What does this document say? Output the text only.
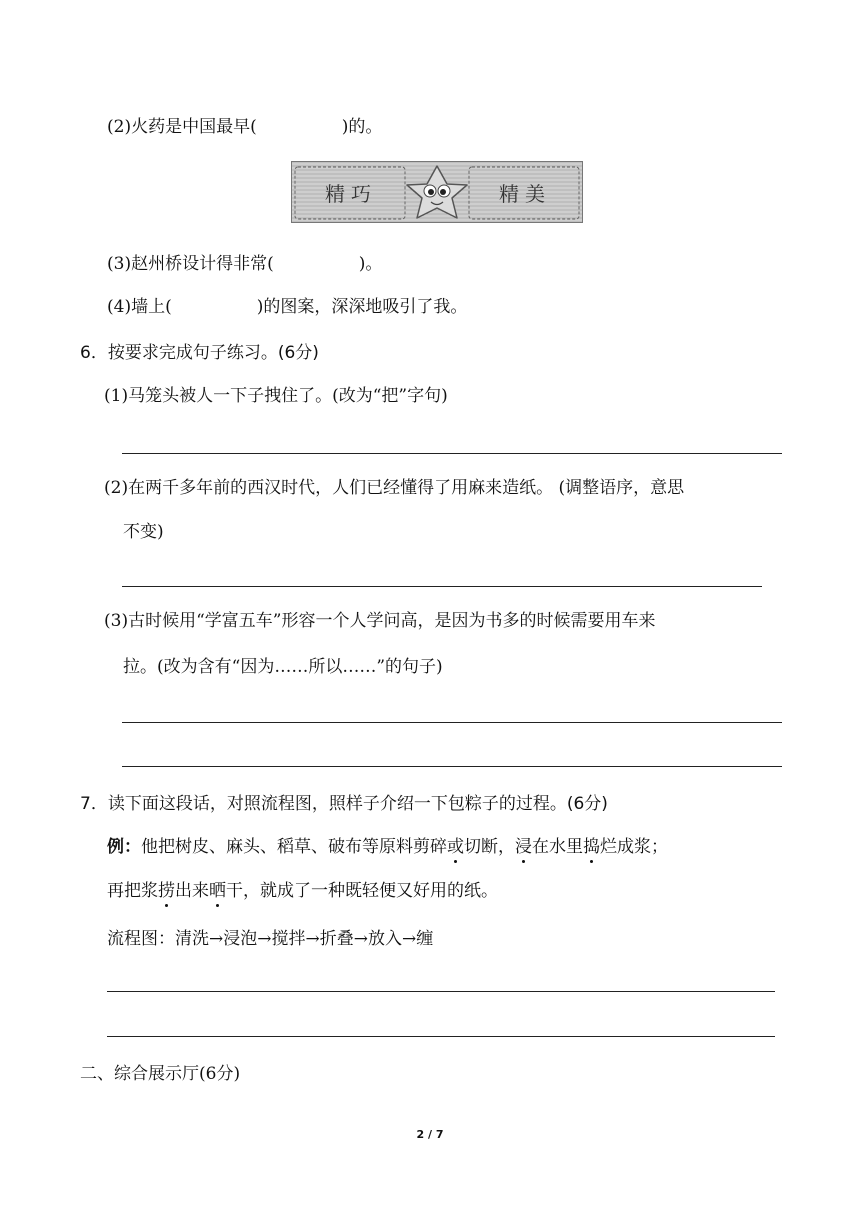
(2)火药是中国最早(　　　　　)的。
精巧	精美
(3)赵州桥设计得非常(　　　　　)。
(4)墙上(　　　　　)的图案，深深地吸引了我。
6．按要求完成句子练习。(6分)
(1)马笼头被人一下子拽住了。(改为“把”字句)
(2)在两千多年前的西汉时代，人们已经懂得了用麻来造纸。 (调整语序，意思
不变)
(3)古时候用“学富五车”形容一个人学问高，是因为书多的时候需要用车来
拉。(改为含有“因为……所以……”的句子)
7．读下面这段话，对照流程图，照样子介绍一下包粽子的过程。(6分)
例：他把树皮、麻头、稻草、破布等原料剪碎或切断，浸在水里捣烂成浆；
再把浆捞出来晒干，就成了一种既轻便又好用的纸。
流程图：清洗→浸泡→搅拌→折叠→放入→缠
二、综合展示厅(6分)
2 / 7
